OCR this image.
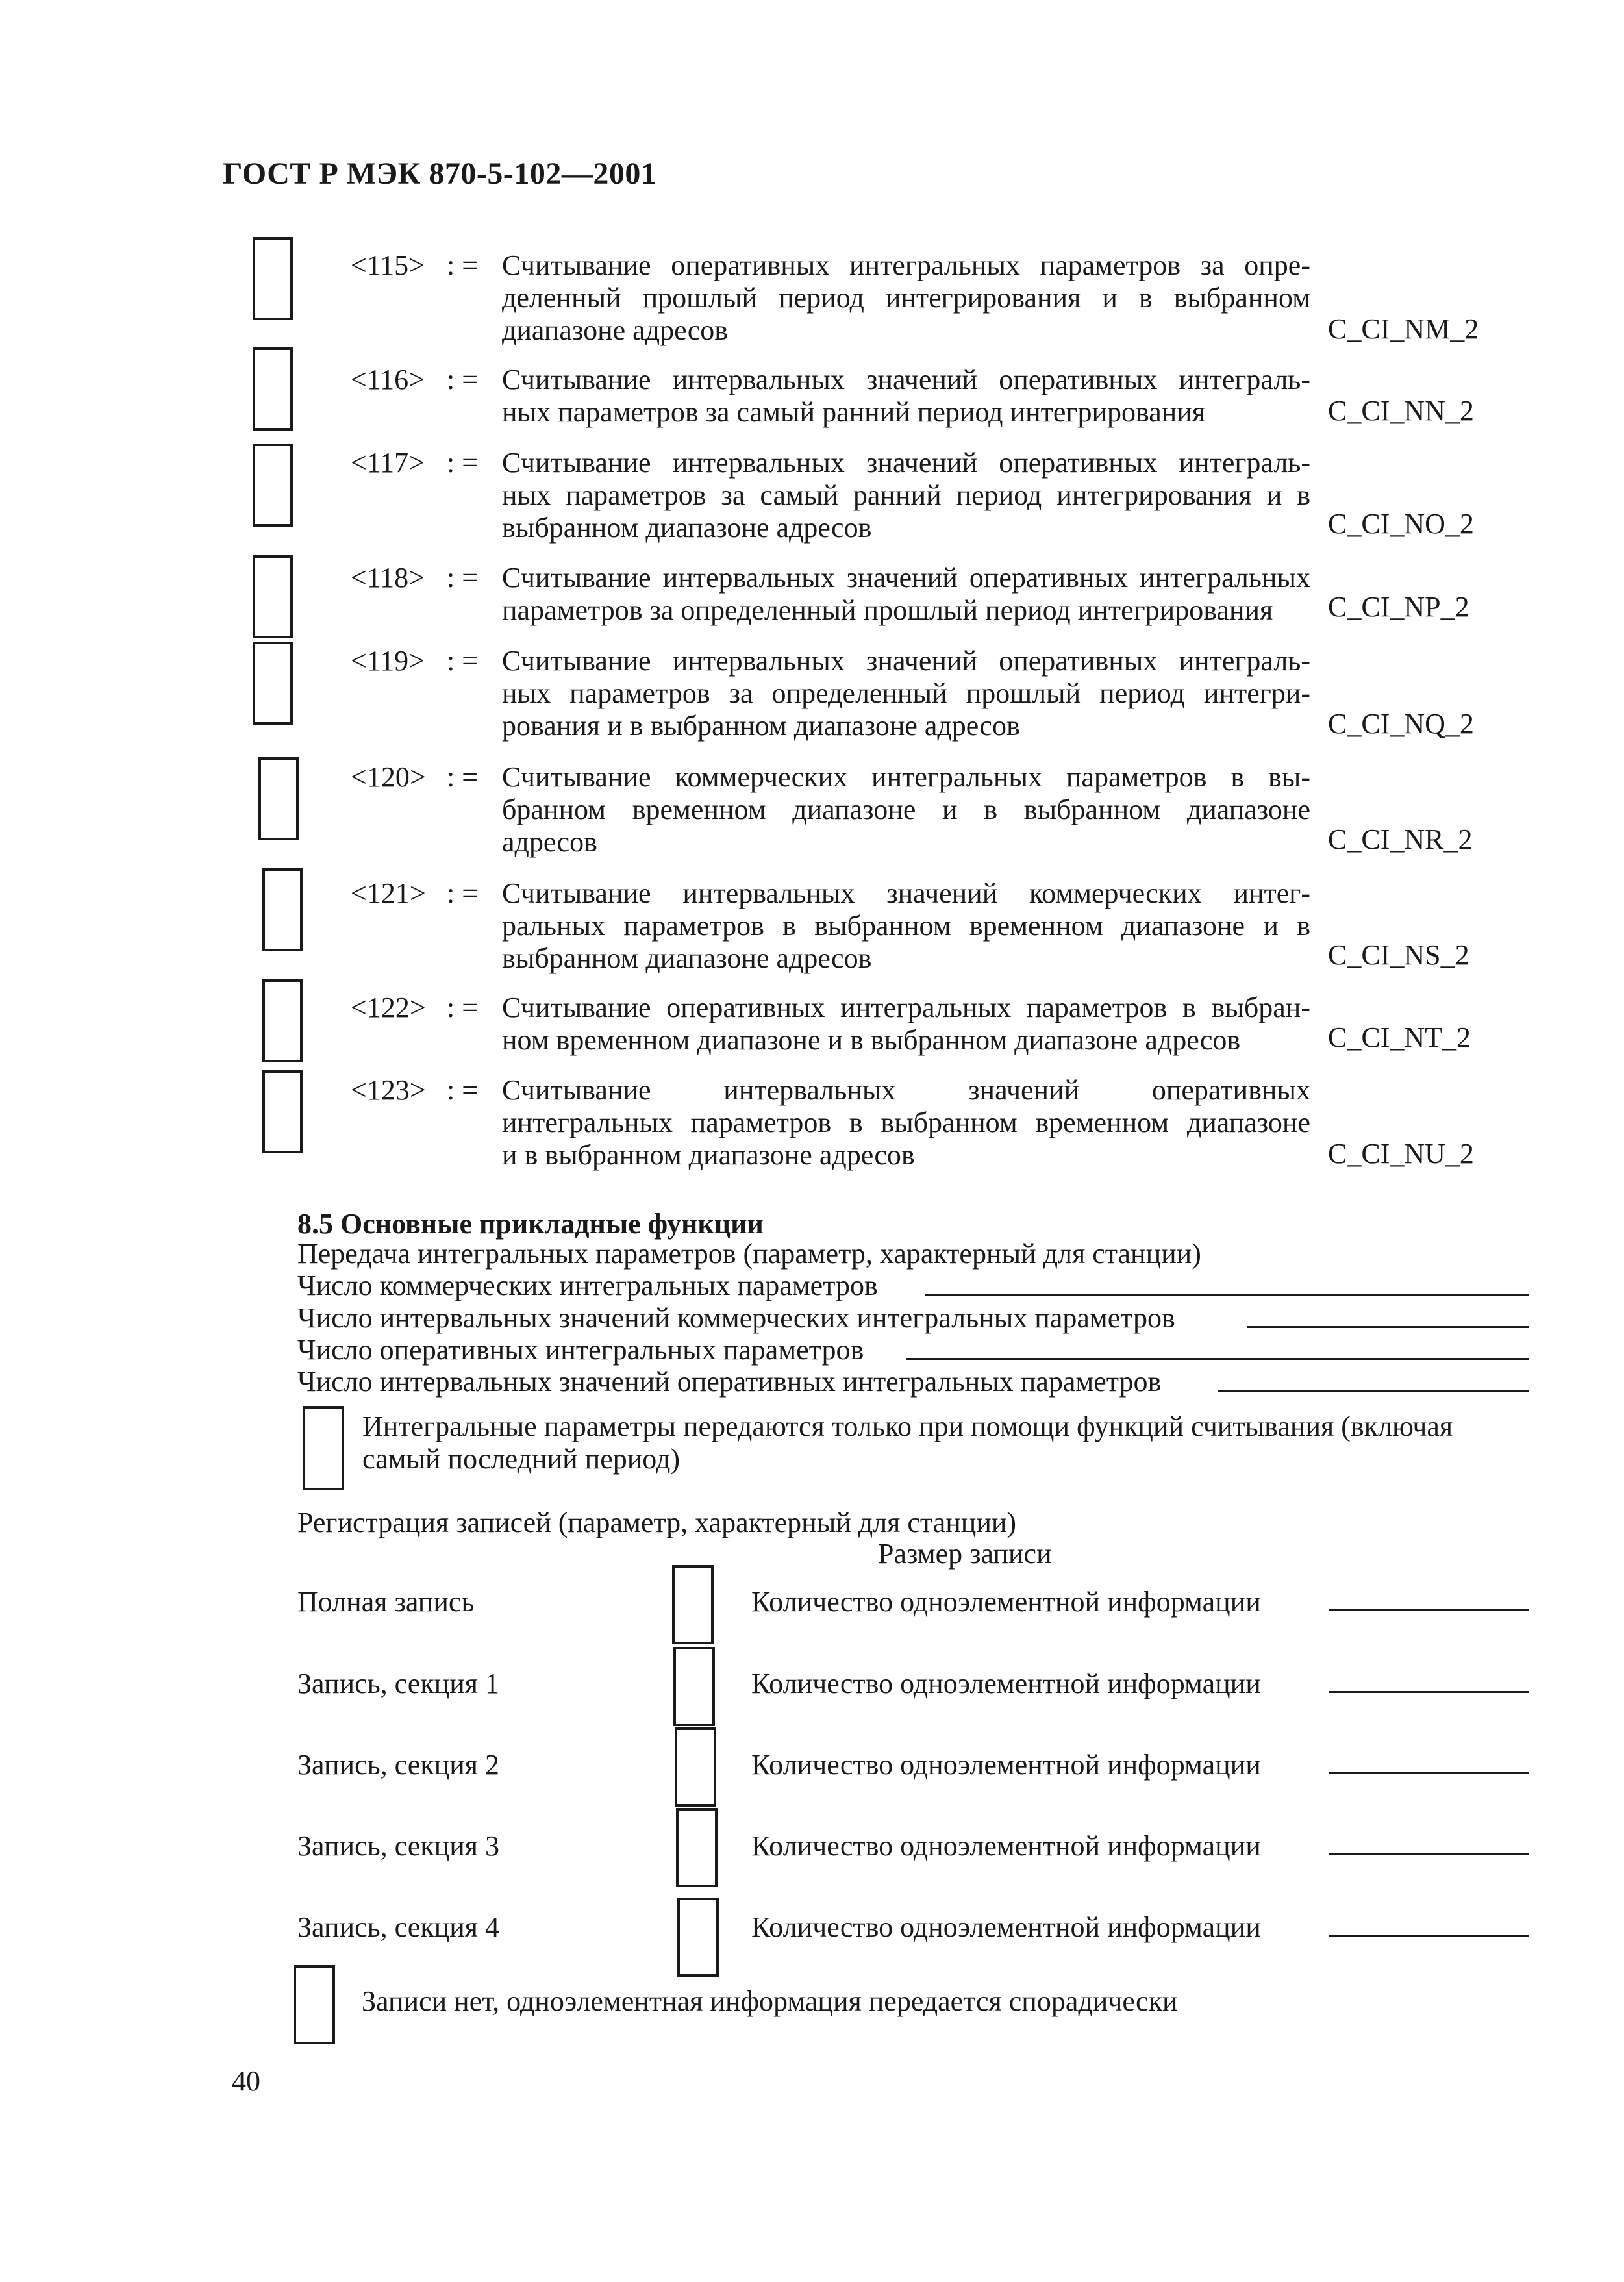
ГОСТ Р МЭК 870-5-102—2001
<115> : = Считывание оперативных интегральных параметров за опре-
деленный прошлый период интегрирования и в выбранном
диапазоне адресов	C_CI_NM_2
<116> : = Считывание интервальных значений оперативных интеграль-
ных параметров за самый ранний период интегрирования	C_CI_NN_2
<117> : = Считывание интервальных значений оперативных интеграль-
ных параметров за самый ранний период интегрирования и в
выбранном диапазоне адресов	C_CI_NO_2
<118> : = Считывание интервальных значений оперативных интегральных
параметров за определенный прошлый период интегрирования	C_CI_NP_2
<119> : = Считывание интервальных значений оперативных интеграль-
ных параметров за определенный прошлый период интегри-
рования и в выбранном диапазоне адресов	C_CI_NQ_2
<120> : = Считывание коммерческих интегральных параметров в вы-
бранном временном диапазоне и в выбранном диапазоне
адресов	C_CI_NR_2
<121> : = Считывание интервальных значений коммерческих интег-
ральных параметров в выбранном временном диапазоне и в
выбранном диапазоне адресов	C_CI_NS_2
<122> : = Считывание оперативных интегральных параметров в выбран-
ном временном диапазоне и в выбранном диапазоне адресов	C_CI_NT_2
<123> : = Считывание интервальных значений оперативных
интегральных параметров в выбранном временном диапазоне
и в выбранном диапазоне адресов	C_CI_NU_2
8.5 Основные прикладные функции
Передача интегральных параметров (параметр, характерный для станции)
Число коммерческих интегральных параметров
Число интервальных значений коммерческих интегральных параметров
Число оперативных интегральных параметров
Число интервальных значений оперативных интегральных параметров
Интегральные параметры передаются только при помощи функций считывания (включая
самый последний период)
Регистрация записей (параметр, характерный для станции)
Размер записи
Полная запись	Количество одноэлементной информации
Запись, секция 1	Количество одноэлементной информации
Запись, секция 2	Количество одноэлементной информации
Запись, секция 3	Количество одноэлементной информации
Запись, секция 4	Количество одноэлементной информации
Записи нет, одноэлементная информация передается спорадически
40
